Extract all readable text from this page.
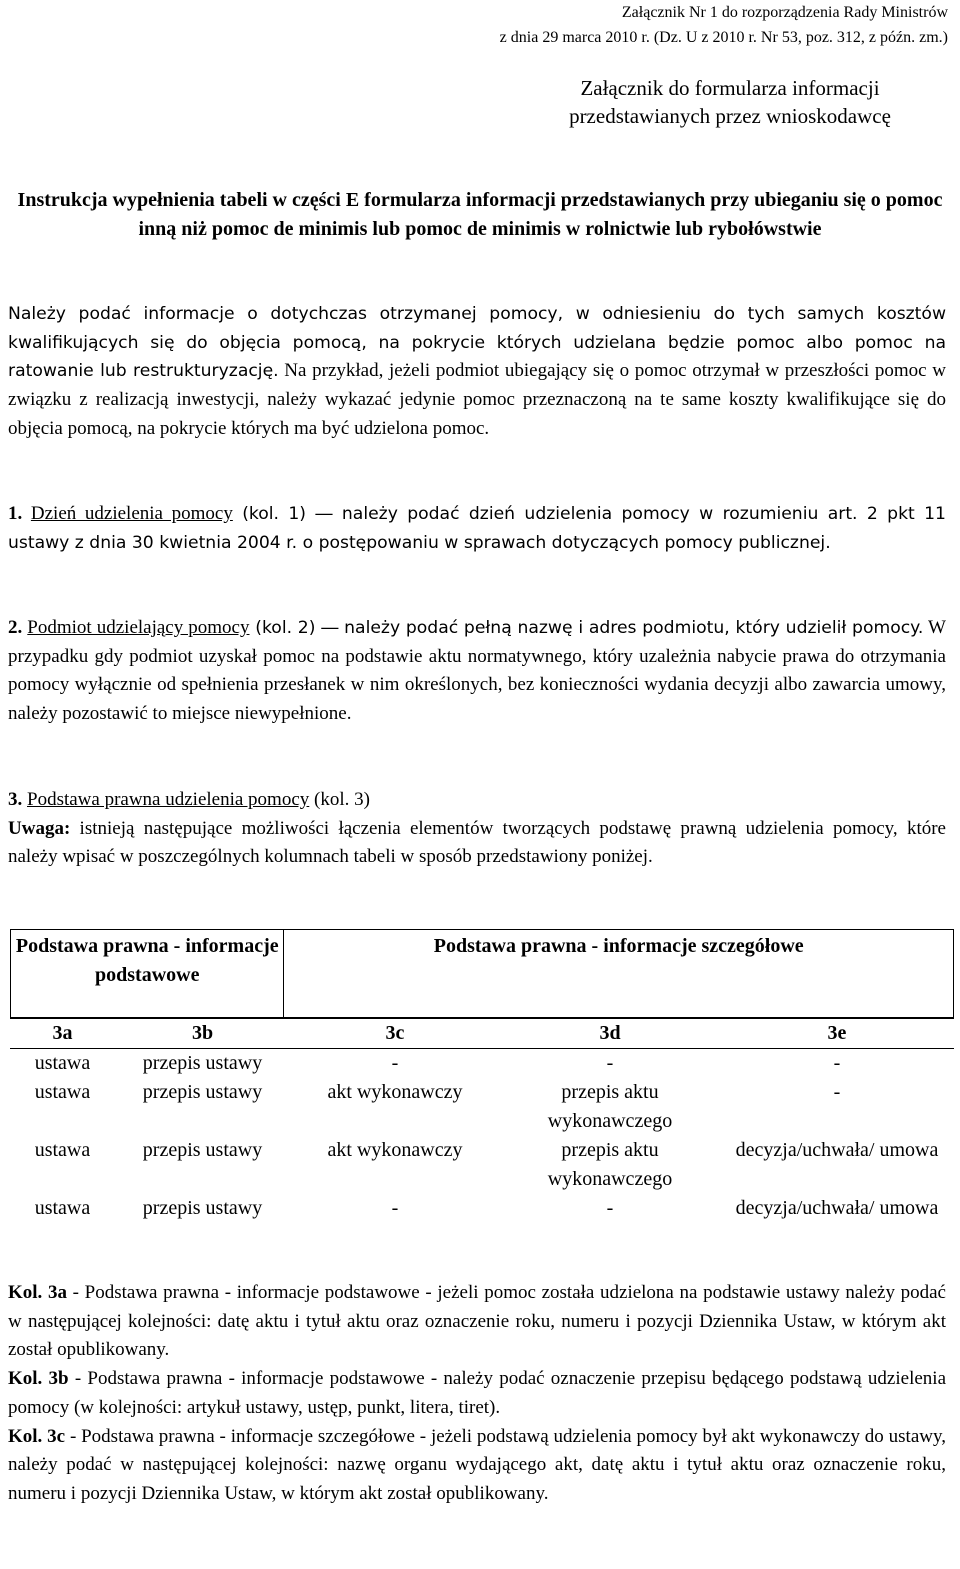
Załącznik Nr 1 do rozporządzenia Rady Ministrów
z dnia 29 marca 2010 r. (Dz. U z 2010 r. Nr 53, poz. 312, z późn. zm.)
Załącznik do formularza informacji
przedstawianych przez wnioskodawcę
Instrukcja wypełnienia tabeli w części E formularza informacji przedstawianych przy ubieganiu się o pomoc inną niż pomoc de minimis lub pomoc de minimis w rolnictwie lub rybołówstwie
Należy podać informacje o dotychczas otrzymanej pomocy, w odniesieniu do tych samych kosztów kwalifikujących się do objęcia pomocą, na pokrycie których udzielana będzie pomoc albo pomoc na ratowanie lub restrukturyzację. Na przykład, jeżeli podmiot ubiegający się o pomoc otrzymał w przeszłości pomoc w związku z realizacją inwestycji, należy wykazać jedynie pomoc przeznaczoną na te same koszty kwalifikujące się do objęcia pomocą, na pokrycie których ma być udzielona pomoc.
1. Dzień udzielenia pomocy (kol. 1) ― należy podać dzień udzielenia pomocy w rozumieniu art. 2 pkt 11 ustawy z dnia 30 kwietnia 2004 r. o postępowaniu w sprawach dotyczących pomocy publicznej.
2. Podmiot udzielający pomocy (kol. 2) ― należy podać pełną nazwę i adres podmiotu, który udzielił pomocy. W przypadku gdy podmiot uzyskał pomoc na podstawie aktu normatywnego, który uzależnia nabycie prawa do otrzymania pomocy wyłącznie od spełnienia przesłanek w nim określonych, bez konieczności wydania decyzji albo zawarcia umowy, należy pozostawić to miejsce niewypełnione.
3. Podstawa prawna udzielenia pomocy (kol. 3)
Uwaga: istnieją następujące możliwości łączenia elementów tworzących podstawę prawną udzielenia pomocy, które należy wpisać w poszczególnych kolumnach tabeli w sposób przedstawiony poniżej.
Podstawa prawna - informacje podstawowe	Podstawa prawna - informacje szczegółowe
3a	3b	3c	3d	3e
ustawa	przepis ustawy	-	-	-
ustawa	przepis ustawy	akt wykonawczy	przepis aktu wykonawczego	-
ustawa	przepis ustawy	akt wykonawczy	przepis aktu wykonawczego	decyzja/uchwała/ umowa
ustawa	przepis ustawy	-	-	decyzja/uchwała/ umowa
Kol. 3a - Podstawa prawna - informacje podstawowe - jeżeli pomoc została udzielona na podstawie ustawy należy podać w następującej kolejności: datę aktu i tytuł aktu oraz oznaczenie roku, numeru i pozycji Dziennika Ustaw, w którym akt został opublikowany.
Kol. 3b - Podstawa prawna - informacje podstawowe - należy podać oznaczenie przepisu będącego podstawą udzielenia pomocy (w kolejności: artykuł ustawy, ustęp, punkt, litera, tiret).
Kol. 3c - Podstawa prawna - informacje szczegółowe - jeżeli podstawą udzielenia pomocy był akt wykonawczy do ustawy, należy podać w następującej kolejności: nazwę organu wydającego akt, datę aktu i tytuł aktu oraz oznaczenie roku, numeru i pozycji Dziennika Ustaw, w którym akt został opublikowany.
